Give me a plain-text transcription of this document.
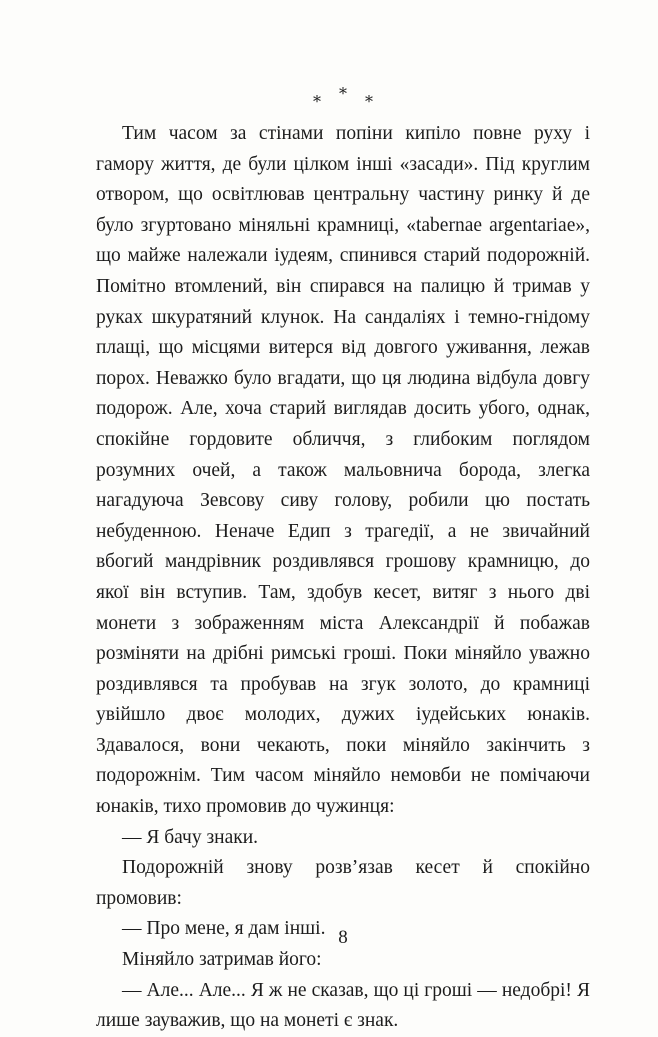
* * *

Тим часом за стінами попіни кипіло повне руху і гамору життя, де були цілком інші «засади». Під круглим отвором, що освітлював центральну частину ринку й де було згуртовано міняльні крамниці, «tabernae argentariae», що майже належали іудеям, спинився старий подорожній. Помітно втомлений, він спирався на палицю й тримав у руках шкуратяний клунок. На сандаліях і темно-гнідому плащі, що місцями витерся від довгого уживання, лежав порох. Неважко було вгадати, що ця людина відбула довгу подорож. Але, хоча старий виглядав досить убого, однак, спокійне гордовите обличчя, з глибоким поглядом розумних очей, а також мальовнича борода, злегка нагадуюча Зевсову сиву голову, робили цю постать небуденною. Неначе Едип з трагедії, а не звичайний вбогий мандрівник роздивлявся грошову крамницю, до якої він вступив. Там, здобув кесет, витяг з нього дві монети з зображенням міста Александрії й побажав розміняти на дрібні римські гроші. Поки міняйло уважно роздивлявся та пробував на згук золото, до крамниці увійшло двоє молодих, дужих іудейських юнаків. Здавалося, вони чекають, поки міняйло закінчить з подорожнім. Тим часом міняйло немовби не помічаючи юнаків, тихо промовив до чужинця:

— Я бачу знаки.

Подорожній знову розв’язав кесет й спокійно промовив:

— Про мене, я дам інші.

Міняйло затримав його:

— Але... Але... Я ж не сказав, що ці гроші — недобрі! Я лише зауважив, що на монеті є знак.

8
